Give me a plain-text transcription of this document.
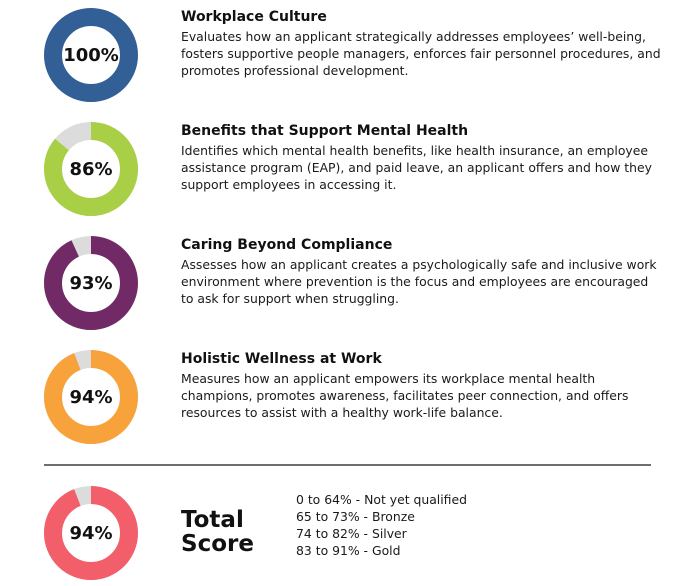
100%
Workplace Culture

Evaluates how an applicant strategically addresses employees’ well-being, fosters supportive people managers, enforces fair personnel procedures, and promotes professional development.

86%
Benefits that Support Mental Health

Identifies which mental health benefits, like health insurance, an employee assistance program (EAP), and paid leave, an applicant offers and how they support employees in accessing it.

93%
Caring Beyond Compliance

Assesses how an applicant creates a psychologically safe and inclusive work environment where prevention is the focus and employees are encouraged to ask for support when struggling.

94%
Holistic Wellness at Work

Measures how an applicant empowers its workplace mental health champions, promotes awareness, facilitates peer connection, and offers resources to assist with a healthy work-life balance.

94%	Total Score
0 to 64% - Not yet qualified
65 to 73% - Bronze
74 to 82% - Silver
83 to 91% - Gold
